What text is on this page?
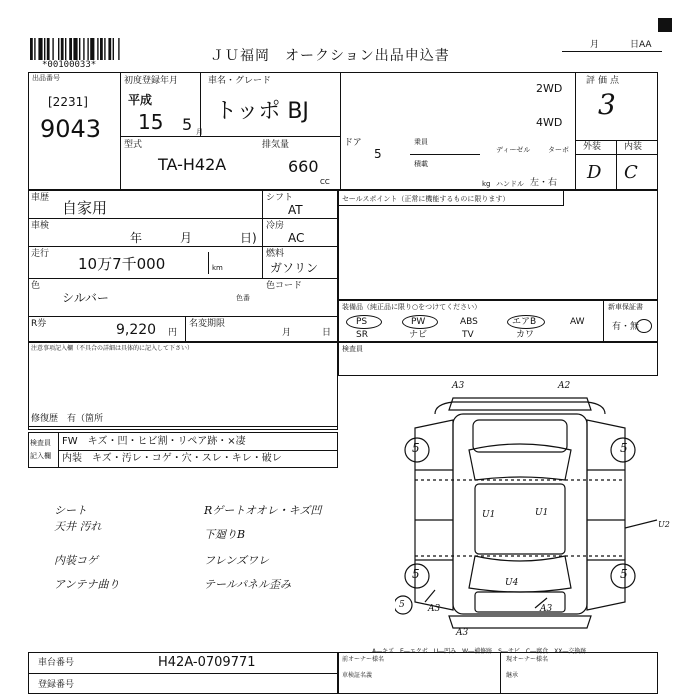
*00100033*
ＪＵ福岡　オークション出品申込書
月	日AA
出品番号
[2231]
9043
初度登録年月
平成
15 5 月
車名・グレード
トッポ BJ
2WD
4WD
型式
TA-H42A
排気量
660
CC
ドア
5
乗員
積載
ディーゼル	ターボ
kg ハンドル 左・右
評価点
3
外装	内装
D C
車歴
自家用
車検
年	月	日)
走行
10万7千000	km
シフト
AT
冷房
AC
燃料
ガソリン
色
シルバー	色番
色コード
R券	9,220 円
名変期限
月	日
セールスポイント（正常に機能するものに限ります）
装備品（純正品に限り○をつけてください）	新車保証書
有・無
PS	PW	ABS	エアB	AW
SR	ナビ	TV	カワ
注意事項記入欄（不具合の詳細は具体的に記入して下さい）
修復歴　有（箇所
検査員
検査員
記入欄
FW　キズ・凹・ヒビ割・リペア跡・×凄
内装　キズ・汚レ・コゲ・穴・スレ・キレ・破レ
シート
天井 汚れ
内装コゲ
アンテナ曲り
Rゲートオオレ・キズ凹
下廻りB
フレンズワレ
テールパネル歪み
A3	A2
5	5
5	5
5
U1	U1
U4
A3	A3
A3
U2
A―キズ　E―エクボ　U―凹み　W―補修跡　S―サビ　C―腐食　XX―交換跡
車台番号	H42A-0709771
登録番号
前オーナー様名	現オーナー様名
車検証名義	継承
